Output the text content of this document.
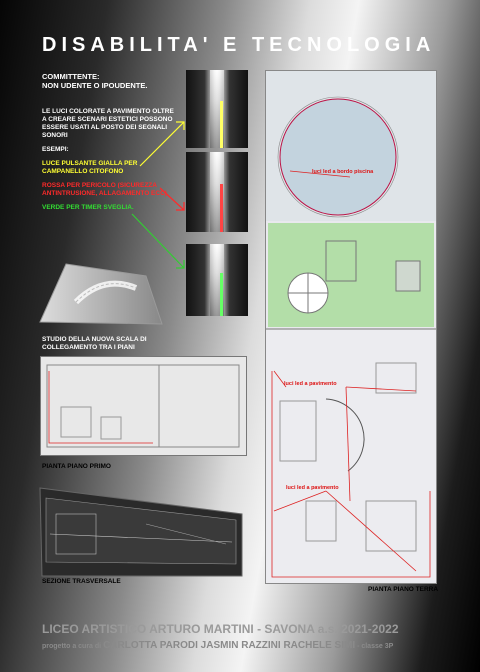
DISABILITA' E TECNOLOGIA
COMMITTENTE:
NON UDENTE O IPOUDENTE.
LE LUCI COLORATE A PAVIMENTO OLTRE
A CREARE SCENARI ESTETICI POSSONO
ESSERE USATI AL POSTO DEI SEGNALI
SONORI
ESEMPI:
LUCE PULSANTE GIALLA PER
CAMPANELLO CITOFONO
ROSSA PER PERICOLO (SICUREZZA
ANTINTRUSIONE, ALLAGAMENTO ECC)
VERDE PER TIMER SVEGLIA.
STUDIO DELLA NUOVA SCALA DI
COLLEGAMENTO TRA I PIANI
PIANTA PIANO PRIMO
SEZIONE TRASVERSALE
luci led a bordo piscina
luci led a pavimento
luci led a pavimento
PIANTA PIANO TERRA
LICEO ARTISTICO ARTURO MARTINI - SAVONA a.s. 2021-2022
progetto a cura di CARLOTTA PARODI JASMIN RAZZINI RACHELE SIMI - classe 3P
